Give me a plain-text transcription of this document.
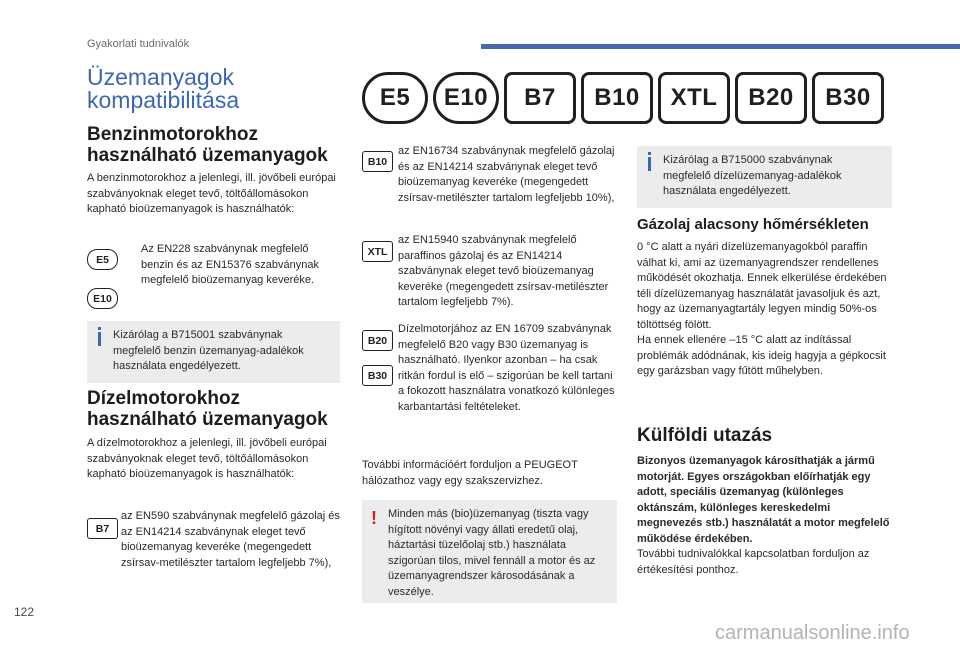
Gyakorlati tudnivalók
Üzemanyagok
kompatibilitása	E5	E10	B7	B10	XTL	B20	B30
Benzinmotorokhoz
használható üzemanyagok
A benzinmotorokhoz a jelenlegi, ill. jövőbeli európai szabványoknak eleget tevő, töltőállomásokon kapható bioüzemanyagok is használhatók:
E5
E10
Az EN228 szabványnak megfelelő benzin és az EN15376 szabványnak megfelelő bioüzemanyag keveréke.
Kizárólag a B715001 szabványnak megfelelő benzin üzemanyag-adalékok használata engedélyezett.
Dízelmotorokhoz
használható üzemanyagok
A dízelmotorokhoz a jelenlegi, ill. jövőbeli európai szabványoknak eleget tevő, töltőállomásokon kapható bioüzemanyagok is használhatók:
B7
az EN590 szabványnak megfelelő gázolaj és az EN14214 szabványnak eleget tevő bioüzemanyag keveréke (megengedett zsírsav-metilészter tartalom legfeljebb 7%),
B10
az EN16734 szabványnak megfelelő gázolaj és az EN14214 szabványnak eleget tevő bioüzemanyag keveréke (megengedett zsírsav-metilészter tartalom legfeljebb 10%),
XTL
az EN15940 szabványnak megfelelő paraffinos gázolaj és az EN14214 szabványnak eleget tevő bioüzemanyag keveréke (megengedett zsírsav-metilészter tartalom legfeljebb 7%).
B20
B30
Dízelmotorjához az EN 16709 szabványnak megfelelő B20 vagy B30 üzemanyag is használható. Ilyenkor azonban – ha csak ritkán fordul is elő – szigorúan be kell tartani a fokozott használatra vonatkozó különleges karbantartási feltételeket.
További információért forduljon a PEUGEOT hálózathoz vagy egy szakszervizhez.
! Minden más (bio)üzemanyag (tiszta vagy hígított növényi vagy állati eredetű olaj, háztartási tüzelőolaj stb.) használata szigorúan tilos, mivel fennáll a motor és az üzemanyagrendszer károsodásának a veszélye.
Kizárólag a B715000 szabványnak megfelelő dízelüzemanyag-adalékok használata engedélyezett.
Gázolaj alacsony hőmérsékleten
0 °C alatt a nyári dízelüzemanyagokból paraffin válhat ki, ami az üzemanyagrendszer rendellenes működését okozhatja. Ennek elkerülése érdekében téli dízelüzemanyag használatát javasoljuk és azt, hogy az üzemanyagtartály legyen mindig 50%-os töltöttség fölött.
Ha ennek ellenére –15 °C alatt az indítással problémák adódnának, kis ideig hagyja a gépkocsit egy garázsban vagy fűtött műhelyben.
Külföldi utazás
Bizonyos üzemanyagok károsíthatják a jármű motorját. Egyes országokban előírhatják egy adott, speciális üzemanyag (különleges oktánszám, különleges kereskedelmi megnevezés stb.) használatát a motor megfelelő működése érdekében.
További tudnivalókkal kapcsolatban forduljon az értékesítési ponthoz.
122
carmanualsonline.info
